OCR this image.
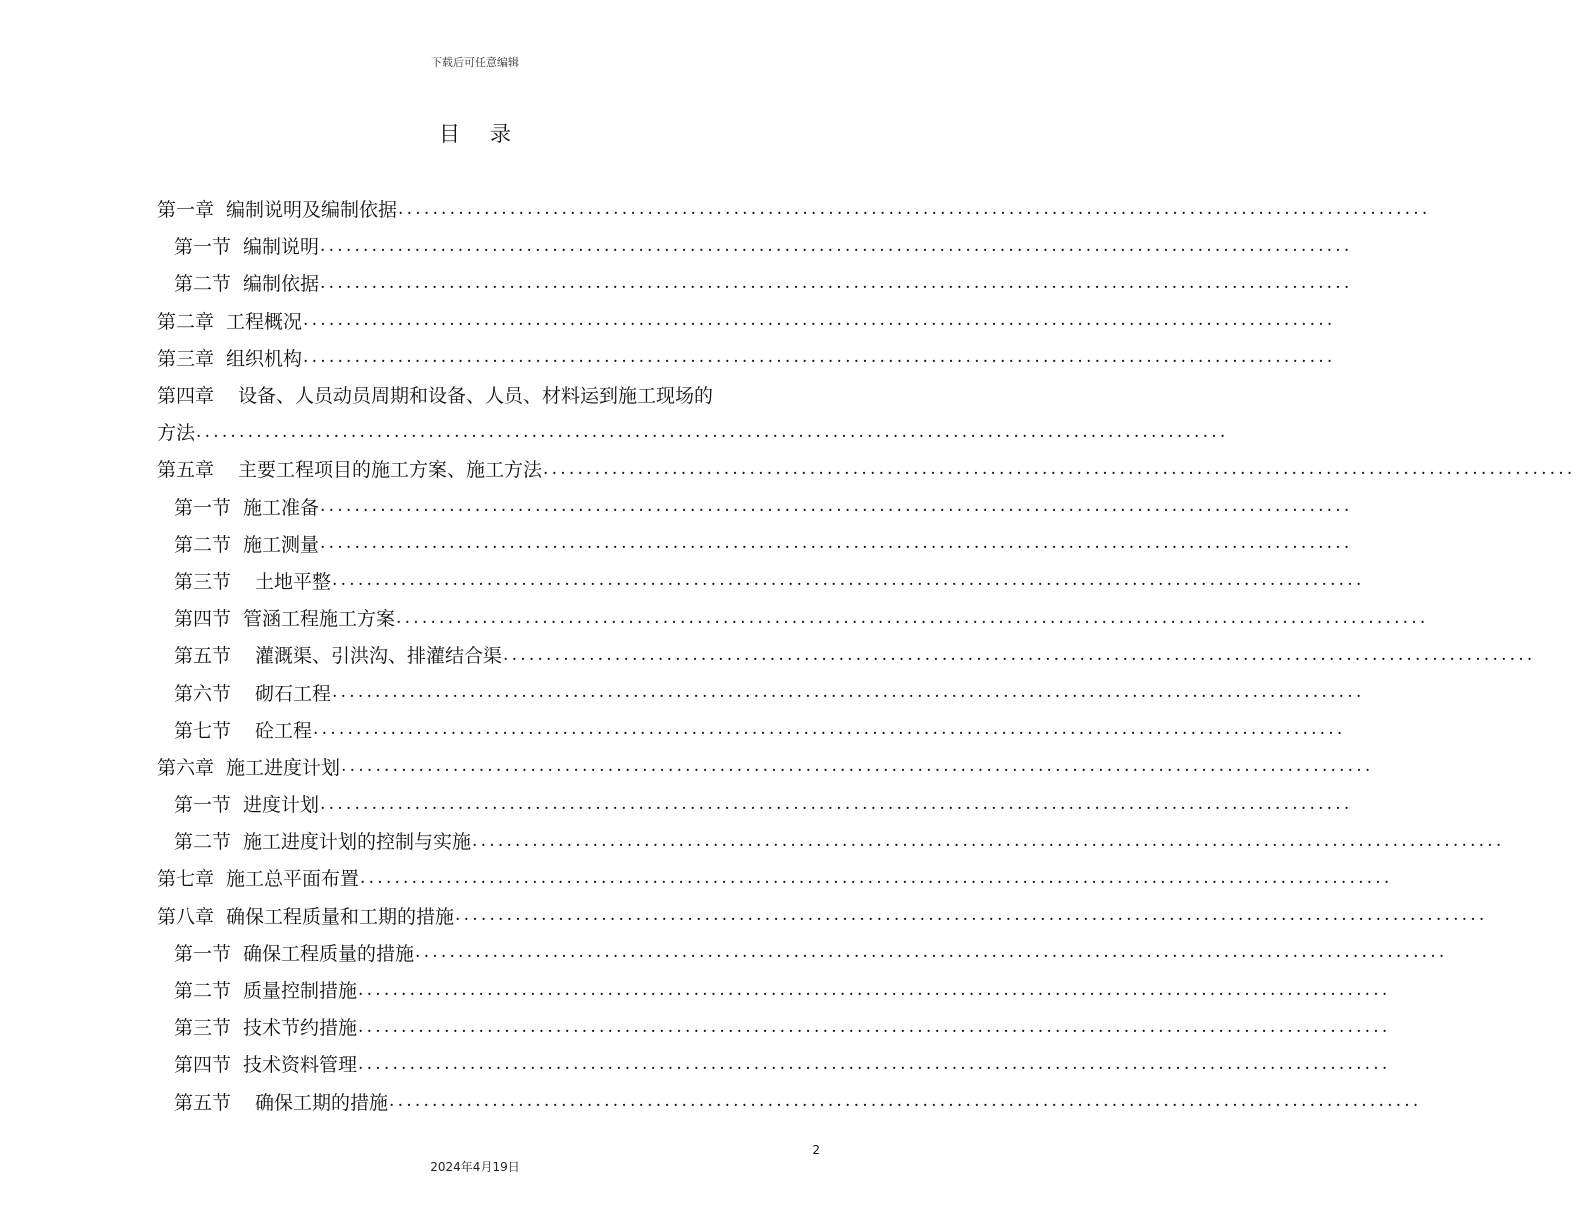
下载后可任意编辑
目 录
第一章 编制说明及编制依据 ........................................................................................................................
第一节 编制说明 ........................................................................................................................
第二节 编制依据 ........................................................................................................................
第二章 工程概况 ........................................................................................................................
第三章 组织机构 ........................................................................................................................
第四章 设备、人员动员周期和设备、人员、材料运到施工现场的
方法 ........................................................................................................................
第五章 主要工程项目的施工方案、施工方法 ........................................................................................................................
第一节 施工准备 ........................................................................................................................
第二节 施工测量 ........................................................................................................................
第三节 土地平整 ........................................................................................................................
第四节 管涵工程施工方案 ........................................................................................................................
第五节 灌溉渠、引洪沟、排灌结合渠 ........................................................................................................................
第六节 砌石工程 ........................................................................................................................
第七节 砼工程 ........................................................................................................................
第六章 施工进度计划 ........................................................................................................................
第一节 进度计划 ........................................................................................................................
第二节 施工进度计划的控制与实施 ........................................................................................................................
第七章 施工总平面布置 ........................................................................................................................
第八章 确保工程质量和工期的措施 ........................................................................................................................
第一节 确保工程质量的措施 ........................................................................................................................
第二节 质量控制措施 ........................................................................................................................
第三节 技术节约措施 ........................................................................................................................
第四节 技术资料管理 ........................................................................................................................
第五节 确保工期的措施 ........................................................................................................................
2
2024年4月19日
